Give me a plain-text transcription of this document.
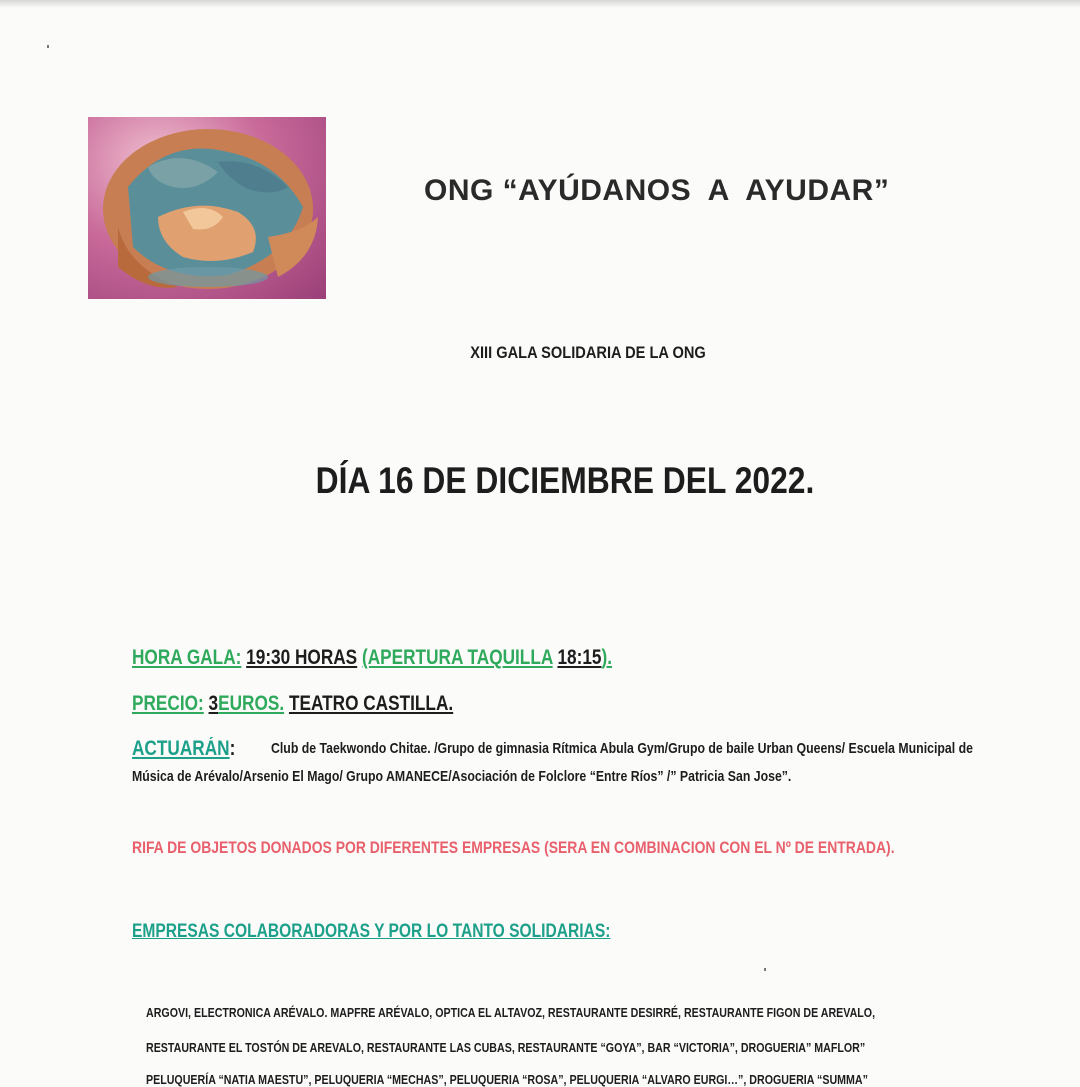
ONG “AYÚDANOS  A  AYUDAR”
XIII GALA SOLIDARIA DE LA ONG
DÍA 16 DE DICIEMBRE DEL 2022.
HORA GALA: 19:30 HORAS (APERTURA TAQUILLA 18:15).
PRECIO: 3EUROS. TEATRO CASTILLA.
ACTUARÁN: Club de Taekwondo Chitae. /Grupo de gimnasia Rítmica Abula Gym/Grupo de baile Urban Queens/ Escuela Municipal de
Música de Arévalo/Arsenio El Mago/ Grupo AMANECE/Asociación de Folclore “Entre Ríos” /” Patricia San Jose”.
RIFA DE OBJETOS DONADOS POR DIFERENTES EMPRESAS (SERA EN COMBINACION CON EL Nº DE ENTRADA).
EMPRESAS COLABORADORAS Y POR LO TANTO SOLIDARIAS:
ARGOVI, ELECTRONICA ARÉVALO. MAPFRE ARÉVALO, OPTICA EL ALTAVOZ, RESTAURANTE DESIRRÉ, RESTAURANTE FIGON DE AREVALO,
RESTAURANTE EL TOSTÓN DE AREVALO, RESTAURANTE LAS CUBAS, RESTAURANTE “GOYA”, BAR “VICTORIA”, DROGUERIA” MAFLOR”
PELUQUERÍA “NATIA MAESTU”, PELUQUERIA “MECHAS”, PELUQUERIA “ROSA”, PELUQUERIA “ALVARO EURGI…”, DROGUERIA “SUMMA”
